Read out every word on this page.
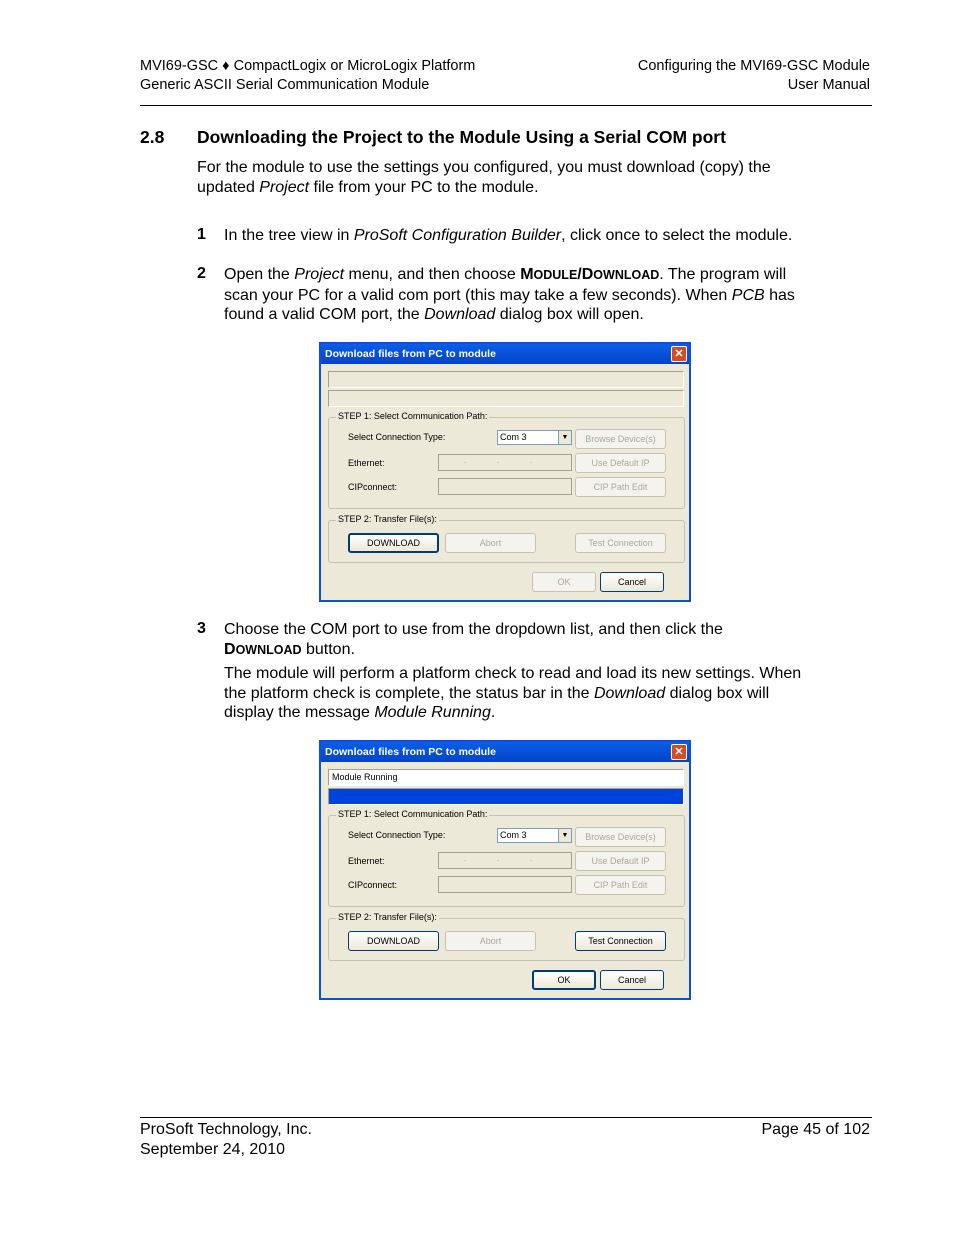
MVI69-GSC ♦ CompactLogix or MicroLogix Platform
Generic ASCII Serial Communication Module
Configuring the MVI69-GSC Module
User Manual
2.8 Downloading the Project to the Module Using a Serial COM port
For the module to use the settings you configured, you must download (copy) the updated Project file from your PC to the module.
1 In the tree view in ProSoft Configuration Builder, click once to select the module.
2 Open the Project menu, and then choose MODULE/DOWNLOAD. The program will scan your PC for a valid com port (this may take a few seconds). When PCB has found a valid COM port, the Download dialog box will open.
Download files from PC to module	✕
STEP 1: Select Communication Path:
Select Connection Type:	Com 3	▼
Ethernet:	. . .
CIPconnect:
Browse Device(s)
Use Default IP
CIP Path Edit
STEP 2: Transfer File(s):
DOWNLOAD	Abort	Test Connection
OK	Cancel
3 Choose the COM port to use from the dropdown list, and then click the DOWNLOAD button.
The module will perform a platform check to read and load its new settings. When the platform check is complete, the status bar in the Download dialog box will display the message Module Running.
Download files from PC to module	✕
Module Running
STEP 1: Select Communication Path:
Select Connection Type:	Com 3	▼
Ethernet:	. . .
CIPconnect:
Browse Device(s)
Use Default IP
CIP Path Edit
STEP 2: Transfer File(s):
DOWNLOAD	Abort	Test Connection
OK	Cancel
ProSoft Technology, Inc.
September 24, 2010
Page 45 of 102
